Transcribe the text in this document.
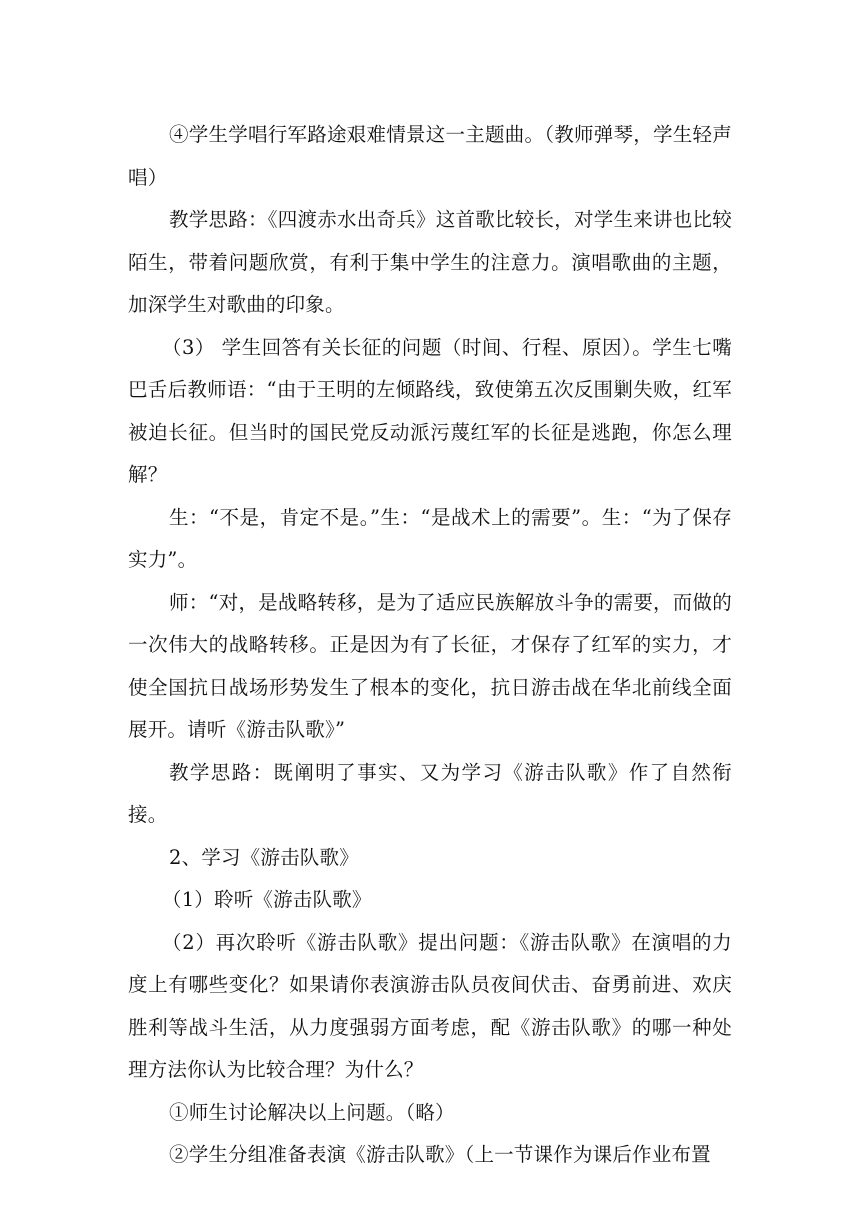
④学生学唱行军路途艰难情景这一主题曲。（教师弹琴，学生轻声唱）

教学思路：《四渡赤水出奇兵》这首歌比较长，对学生来讲也比较陌生，带着问题欣赏，有利于集中学生的注意力。演唱歌曲的主题，加深学生对歌曲的印象。

（3） 学生回答有关长征的问题（时间、行程、原因）。学生七嘴巴舌后教师语：“由于王明的左倾路线，致使第五次反围剿失败，红军被迫长征。但当时的国民党反动派污蔑红军的长征是逃跑，你怎么理解？

生：“不是，肯定不是。”生：“是战术上的需要”。生：“为了保存实力”。

师：“对，是战略转移，是为了适应民族解放斗争的需要，而做的一次伟大的战略转移。正是因为有了长征，才保存了红军的实力，才使全国抗日战场形势发生了根本的变化，抗日游击战在华北前线全面展开。请听《游击队歌》”

教学思路：既阐明了事实、又为学习《游击队歌》作了自然衔接。

2、学习《游击队歌》

（1）聆听《游击队歌》

（2）再次聆听《游击队歌》提出问题：《游击队歌》在演唱的力度上有哪些变化？如果请你表演游击队员夜间伏击、奋勇前进、欢庆胜利等战斗生活，从力度强弱方面考虑，配《游击队歌》的哪一种处理方法你认为比较合理？为什么？

①师生讨论解决以上问题。（略）

②学生分组准备表演《游击队歌》（上一节课作为课后作业布置
